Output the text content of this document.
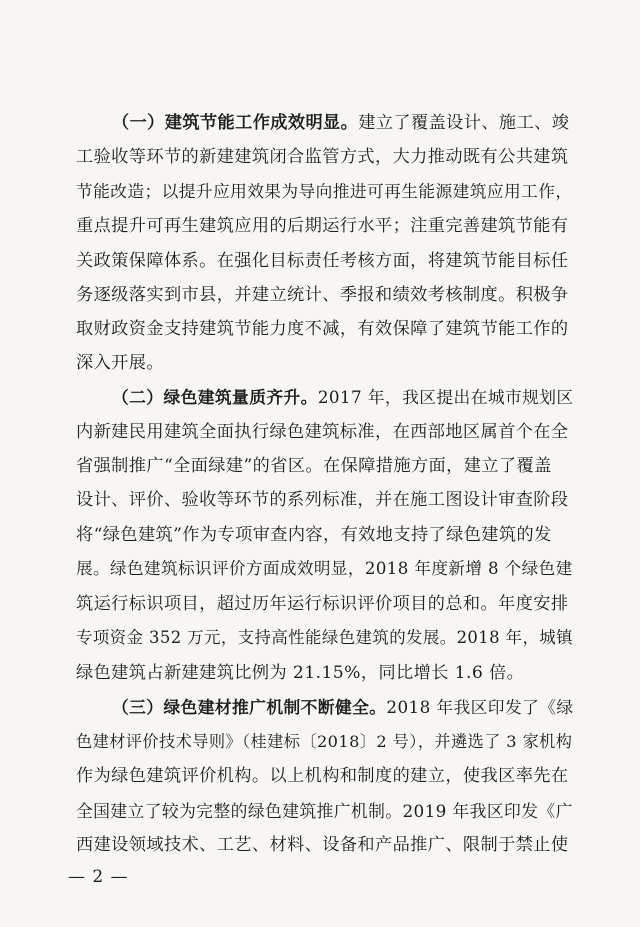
（一）建筑节能工作成效明显。建立了覆盖设计、施工、竣
工验收等环节的新建建筑闭合监管方式，大力推动既有公共建筑
节能改造；以提升应用效果为导向推进可再生能源建筑应用工作，
重点提升可再生建筑应用的后期运行水平；注重完善建筑节能有
关政策保障体系。在强化目标责任考核方面，将建筑节能目标任
务逐级落实到市县，并建立统计、季报和绩效考核制度。积极争
取财政资金支持建筑节能力度不减，有效保障了建筑节能工作的
深入开展。
（二）绿色建筑量质齐升。2017 年，我区提出在城市规划区
内新建民用建筑全面执行绿色建筑标准，在西部地区属首个在全
省强制推广“全面绿建”的省区。在保障措施方面，建立了覆盖
设计、评价、验收等环节的系列标准，并在施工图设计审查阶段
将“绿色建筑”作为专项审查内容，有效地支持了绿色建筑的发
展。绿色建筑标识评价方面成效明显，2018 年度新增 8 个绿色建
筑运行标识项目，超过历年运行标识评价项目的总和。年度安排
专项资金 352 万元，支持高性能绿色建筑的发展。2018 年，城镇
绿色建筑占新建建筑比例为 21.15%，同比增长 1.6 倍。
（三）绿色建材推广机制不断健全。2018 年我区印发了《绿
色建材评价技术导则》（桂建标〔2018〕2 号），并遴选了 3 家机构
作为绿色建筑评价机构。以上机构和制度的建立，使我区率先在
全国建立了较为完整的绿色建筑推广机制。2019 年我区印发《广
西建设领域技术、工艺、材料、设备和产品推广、限制于禁止使
— 2 —
